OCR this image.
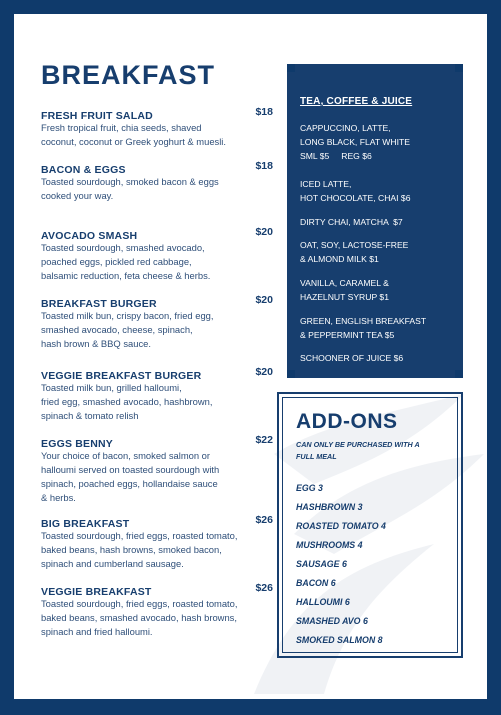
BREAKFAST
FRESH FRUIT SALAD	$18
Fresh tropical fruit, chia seeds, shaved
coconut, coconut or Greek yoghurt & muesli.
BACON & EGGS	$18
Toasted sourdough, smoked bacon & eggs
cooked your way.
AVOCADO SMASH	$20
Toasted sourdough, smashed avocado,
poached eggs, pickled red cabbage,
balsamic reduction, feta cheese & herbs.
BREAKFAST BURGER	$20
Toasted milk bun, crispy bacon, fried egg,
smashed avocado, cheese, spinach,
hash brown & BBQ sauce.
VEGGIE BREAKFAST BURGER	$20
Toasted milk bun, grilled halloumi,
fried egg, smashed avocado, hashbrown,
spinach & tomato relish
EGGS BENNY	$22
Your choice of bacon, smoked salmon or
halloumi served on toasted sourdough with
spinach, poached eggs, hollandaise sauce
& herbs.
BIG BREAKFAST	$26
Toasted sourdough, fried eggs, roasted tomato,
baked beans, hash browns, smoked bacon,
spinach and cumberland sausage.
VEGGIE BREAKFAST	$26
Toasted sourdough, fried eggs, roasted tomato,
baked beans, smashed avocado, hash browns,
spinach and fried halloumi.
TEA, COFFEE & JUICE
CAPPUCCINO, LATTE,
LONG BLACK, FLAT WHITE
SML $5     REG $6
ICED LATTE,
HOT CHOCOLATE, CHAI $6
DIRTY CHAI, MATCHA  $7
OAT, SOY, LACTOSE-FREE
& ALMOND MILK $1
VANILLA, CARAMEL &
HAZELNUT SYRUP $1
GREEN, ENGLISH BREAKFAST
& PEPPERMINT TEA $5
SCHOONER OF JUICE $6
ADD-ONS
CAN ONLY BE PURCHASED WITH A
FULL MEAL
EGG 3
HASHBROWN 3
ROASTED TOMATO 4
MUSHROOMS 4
SAUSAGE 6
BACON 6
HALLOUMI 6
SMASHED AVO 6
SMOKED SALMON 8
